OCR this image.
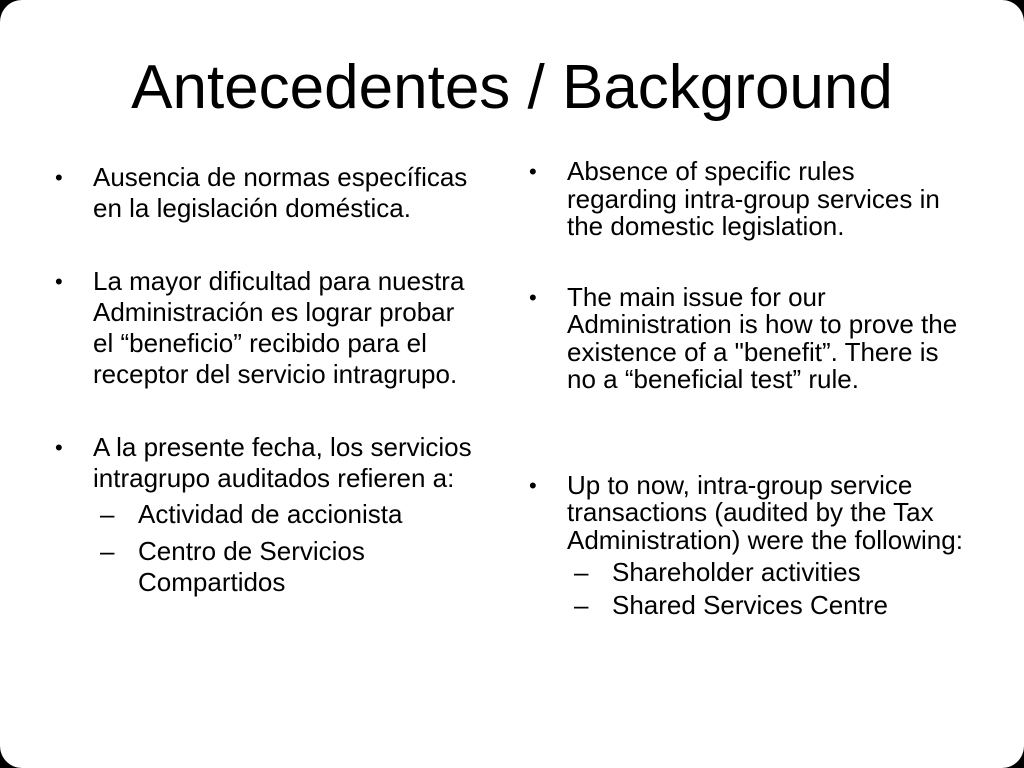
Antecedentes / Background
• Ausencia de normas específicas en la legislación doméstica.
• La mayor dificultad para nuestra Administración es lograr probar el “beneficio” recibido para el receptor del servicio intragrupo.
• A la presente fecha, los servicios intragrupo auditados refieren a:
– Actividad de accionista
– Centro de Servicios Compartidos
• Absence of specific rules regarding intra-group services in the domestic legislation.
• The main issue for our Administration is how to prove the existence of a "benefit”. There is no a “beneficial test” rule.
• Up to now, intra-group service transactions (audited by the Tax Administration) were the following:
– Shareholder activities
– Shared Services Centre
